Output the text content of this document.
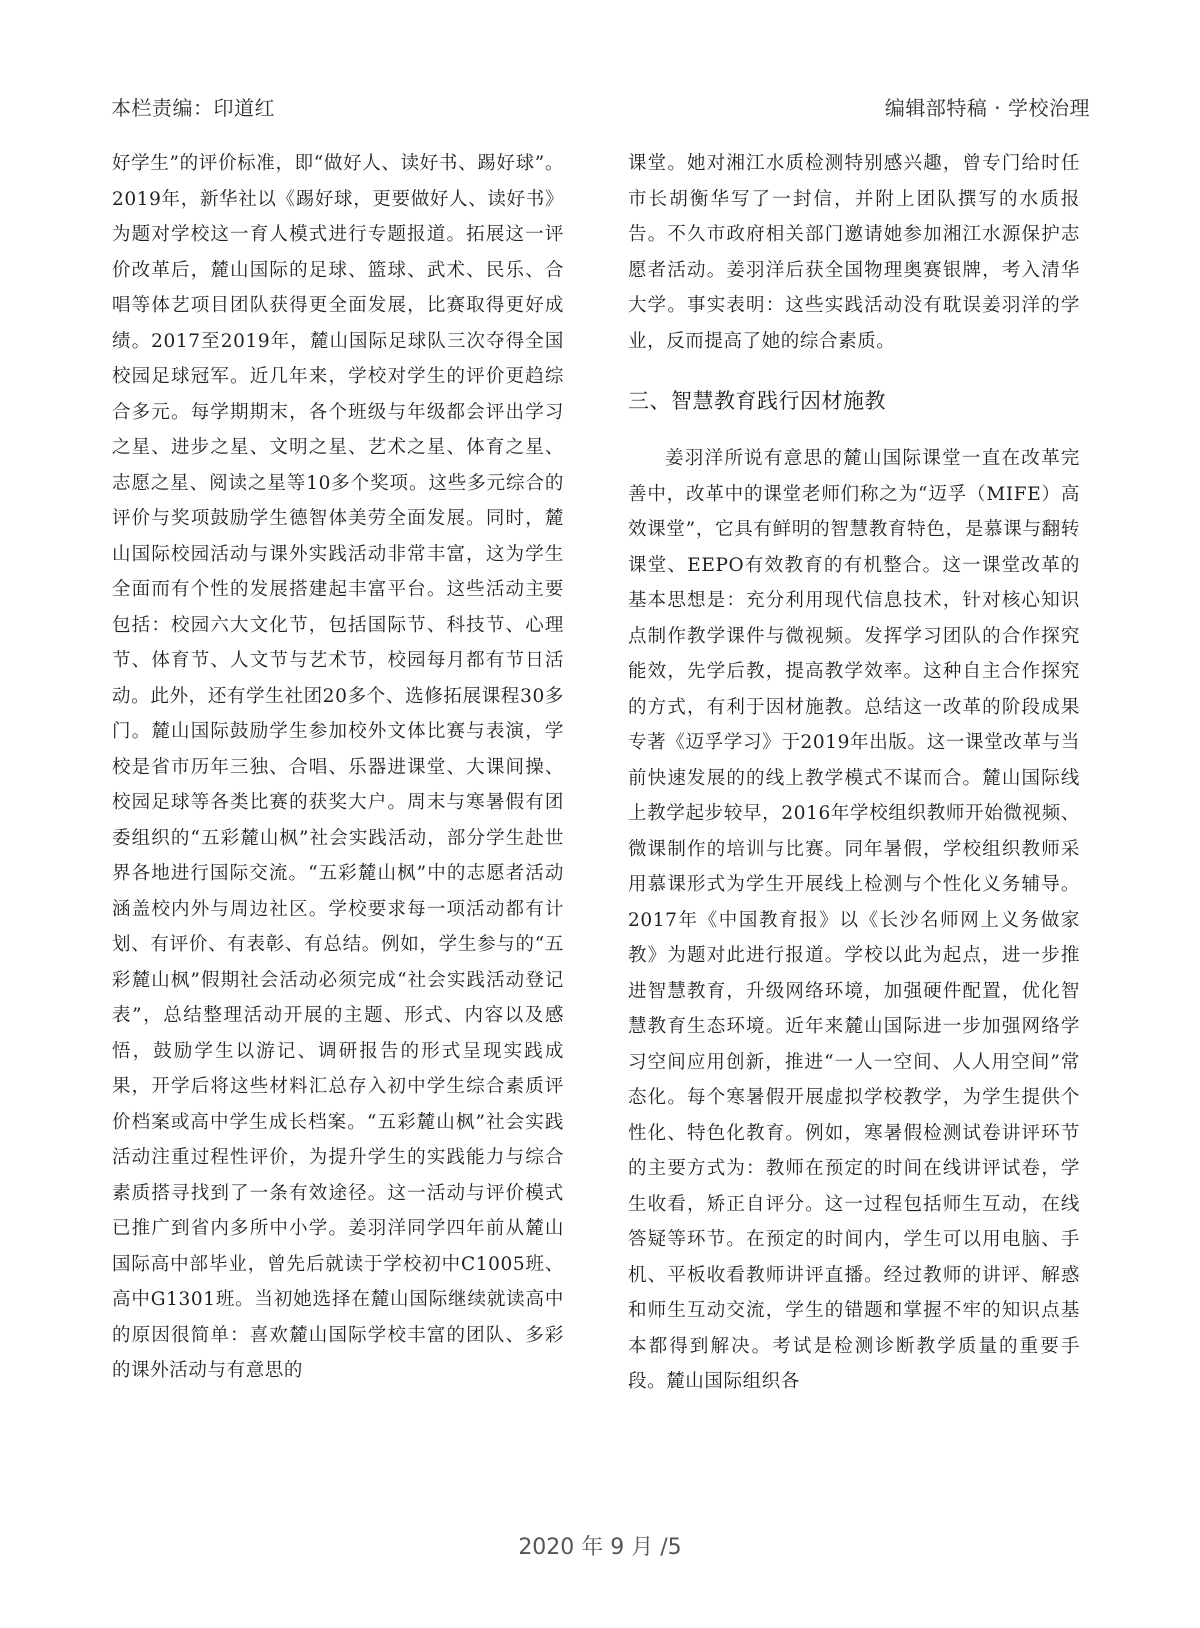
本栏责编：印道红	编辑部特稿 · 学校治理

好学生”的评价标准，即“做好人、读好书、踢好球”。2019年，新华社以《踢好球，更要做好人、读好书》为题对学校这一育人模式进行专题报道。拓展这一评价改革后，麓山国际的足球、篮球、武术、民乐、合唱等体艺项目团队获得更全面发展，比赛取得更好成绩。2017至2019年，麓山国际足球队三次夺得全国校园足球冠军。近几年来，学校对学生的评价更趋综合多元。每学期期末，各个班级与年级都会评出学习之星、进步之星、文明之星、艺术之星、体育之星、志愿之星、阅读之星等10多个奖项。这些多元综合的评价与奖项鼓励学生德智体美劳全面发展。同时，麓山国际校园活动与课外实践活动非常丰富，这为学生全面而有个性的发展搭建起丰富平台。这些活动主要包括：校园六大文化节，包括国际节、科技节、心理节、体育节、人文节与艺术节，校园每月都有节日活动。此外，还有学生社团20多个、选修拓展课程30多门。麓山国际鼓励学生参加校外文体比赛与表演，学校是省市历年三独、合唱、乐器进课堂、大课间操、校园足球等各类比赛的获奖大户。周末与寒暑假有团委组织的“五彩麓山枫”社会实践活动，部分学生赴世界各地进行国际交流。“五彩麓山枫”中的志愿者活动涵盖校内外与周边社区。学校要求每一项活动都有计划、有评价、有表彰、有总结。例如，学生参与的“五彩麓山枫”假期社会活动必须完成“社会实践活动登记表”，总结整理活动开展的主题、形式、内容以及感悟，鼓励学生以游记、调研报告的形式呈现实践成果，开学后将这些材料汇总存入初中学生综合素质评价档案或高中学生成长档案。“五彩麓山枫”社会实践活动注重过程性评价，为提升学生的实践能力与综合素质搭寻找到了一条有效途径。这一活动与评价模式已推广到省内多所中小学。姜羽洋同学四年前从麓山国际高中部毕业，曾先后就读于学校初中C1005班、高中G1301班。当初她选择在麓山国际继续就读高中的原因很简单：喜欢麓山国际学校丰富的团队、多彩的课外活动与有意思的

课堂。她对湘江水质检测特别感兴趣，曾专门给时任市长胡衡华写了一封信，并附上团队撰写的水质报告。不久市政府相关部门邀请她参加湘江水源保护志愿者活动。姜羽洋后获全国物理奥赛银牌，考入清华大学。事实表明：这些实践活动没有耽误姜羽洋的学业，反而提高了她的综合素质。

三、智慧教育践行因材施教

姜羽洋所说有意思的麓山国际课堂一直在改革完善中，改革中的课堂老师们称之为“迈孚（MIFE）高效课堂”，它具有鲜明的智慧教育特色，是慕课与翻转课堂、EEPO有效教育的有机整合。这一课堂改革的基本思想是：充分利用现代信息技术，针对核心知识点制作教学课件与微视频。发挥学习团队的合作探究能效，先学后教，提高教学效率。这种自主合作探究的方式，有利于因材施教。总结这一改革的阶段成果专著《迈孚学习》于2019年出版。这一课堂改革与当前快速发展的的线上教学模式不谋而合。麓山国际线上教学起步较早，2016年学校组织教师开始微视频、微课制作的培训与比赛。同年暑假，学校组织教师采用慕课形式为学生开展线上检测与个性化义务辅导。2017年《中国教育报》以《长沙名师网上义务做家教》为题对此进行报道。学校以此为起点，进一步推进智慧教育，升级网络环境，加强硬件配置，优化智慧教育生态环境。近年来麓山国际进一步加强网络学习空间应用创新，推进“一人一空间、人人用空间”常态化。每个寒暑假开展虚拟学校教学，为学生提供个性化、特色化教育。例如，寒暑假检测试卷讲评环节的主要方式为：教师在预定的时间在线讲评试卷，学生收看，矫正自评分。这一过程包括师生互动，在线答疑等环节。在预定的时间内，学生可以用电脑、手机、平板收看教师讲评直播。经过教师的讲评、解惑和师生互动交流，学生的错题和掌握不牢的知识点基本都得到解决。考试是检测诊断教学质量的重要手段。麓山国际组织各

2020 年 9 月 /5
